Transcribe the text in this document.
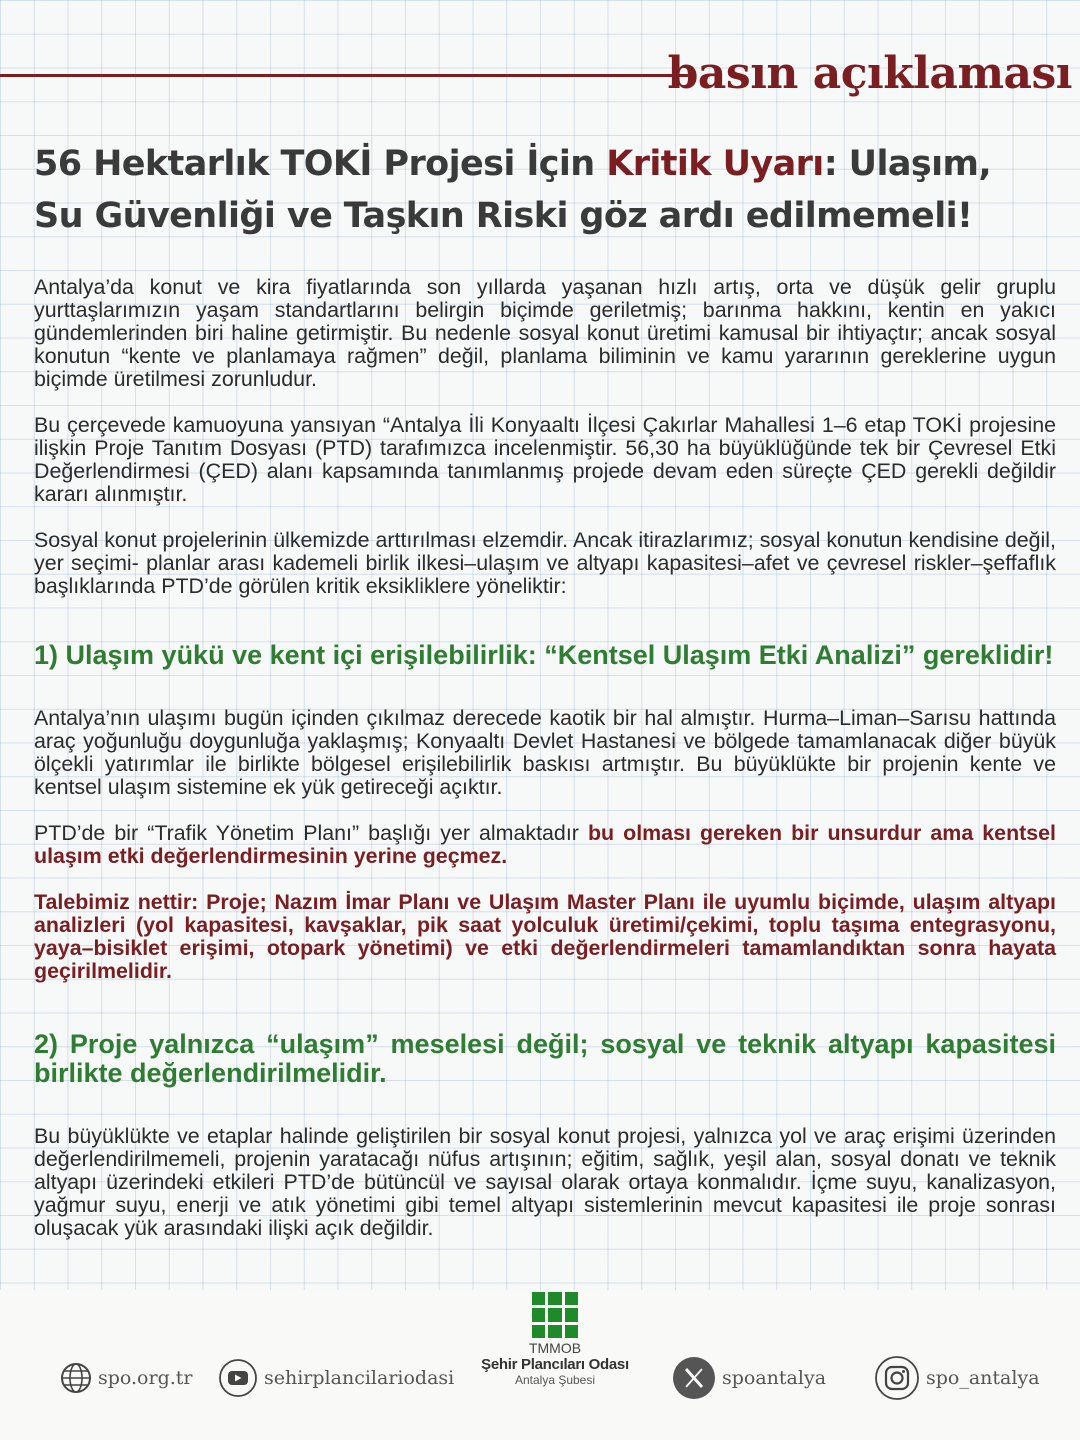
basın açıklaması
56 Hektarlık TOKİ Projesi İçin Kritik Uyarı: Ulaşım, Su Güvenliği ve Taşkın Riski göz ardı edilmemeli!

Antalya’da konut ve kira fiyatlarında son yıllarda yaşanan hızlı artış, orta ve düşük gelir gruplu yurttaşlarımızın yaşam standartlarını belirgin biçimde geriletmiş; barınma hakkını, kentin en yakıcı gündemlerinden biri haline getirmiştir. Bu nedenle sosyal konut üretimi kamusal bir ihtiyaçtır; ancak sosyal konutun “kente ve planlamaya rağmen” değil, planlama biliminin ve kamu yararının gereklerine uygun biçimde üretilmesi zorunludur.

Bu çerçevede kamuoyuna yansıyan “Antalya İli Konyaaltı İlçesi Çakırlar Mahallesi 1–6 etap TOKİ projesine ilişkin Proje Tanıtım Dosyası (PTD) tarafımızca incelenmiştir. 56,30 ha büyüklüğünde tek bir Çevresel Etki Değerlendirmesi (ÇED) alanı kapsamında tanımlanmış projede devam eden süreçte ÇED gerekli değildir kararı alınmıştır.

Sosyal konut projelerinin ülkemizde arttırılması elzemdir. Ancak itirazlarımız; sosyal konutun kendisine değil, yer seçimi- planlar arası kademeli birlik ilkesi–ulaşım ve altyapı kapasitesi–afet ve çevresel riskler–şeffaflık başlıklarında PTD’de görülen kritik eksikliklere yöneliktir:

1) Ulaşım yükü ve kent içi erişilebilirlik: “Kentsel Ulaşım Etki Analizi” gereklidir!

Antalya’nın ulaşımı bugün içinden çıkılmaz derecede kaotik bir hal almıştır. Hurma–Liman–Sarısu hattında araç yoğunluğu doygunluğa yaklaşmış; Konyaaltı Devlet Hastanesi ve bölgede tamamlanacak diğer büyük ölçekli yatırımlar ile birlikte bölgesel erişilebilirlik baskısı artmıştır. Bu büyüklükte bir projenin kente ve kentsel ulaşım sistemine ek yük getireceği açıktır.

PTD’de bir “Trafik Yönetim Planı” başlığı yer almaktadır bu olması gereken bir unsurdur ama kentsel ulaşım etki değerlendirmesinin yerine geçmez.

Talebimiz nettir: Proje; Nazım İmar Planı ve Ulaşım Master Planı ile uyumlu biçimde, ulaşım altyapı analizleri (yol kapasitesi, kavşaklar, pik saat yolculuk üretimi/çekimi, toplu taşıma entegrasyonu, yaya–bisiklet erişimi, otopark yönetimi) ve etki değerlendirmeleri tamamlandıktan sonra hayata geçirilmelidir.

2) Proje yalnızca “ulaşım” meselesi değil; sosyal ve teknik altyapı kapasitesi birlikte değerlendirilmelidir.

Bu büyüklükte ve etaplar halinde geliştirilen bir sosyal konut projesi, yalnızca yol ve araç erişimi üzerinden değerlendirilmemeli, projenin yaratacağı nüfus artışının; eğitim, sağlık, yeşil alan, sosyal donatı ve teknik altyapı üzerindeki etkileri PTD’de bütüncül ve sayısal olarak ortaya konmalıdır. İçme suyu, kanalizasyon, yağmur suyu, enerji ve atık yönetimi gibi temel altyapı sistemlerinin mevcut kapasitesi ile proje sonrası oluşacak yük arasındaki ilişki açık değildir.

spo.org.tr	sehirplancilariodasi
TMMOB
Şehir Plancıları Odası
Antalya Şubesi	spoantalya	spo_antalya
